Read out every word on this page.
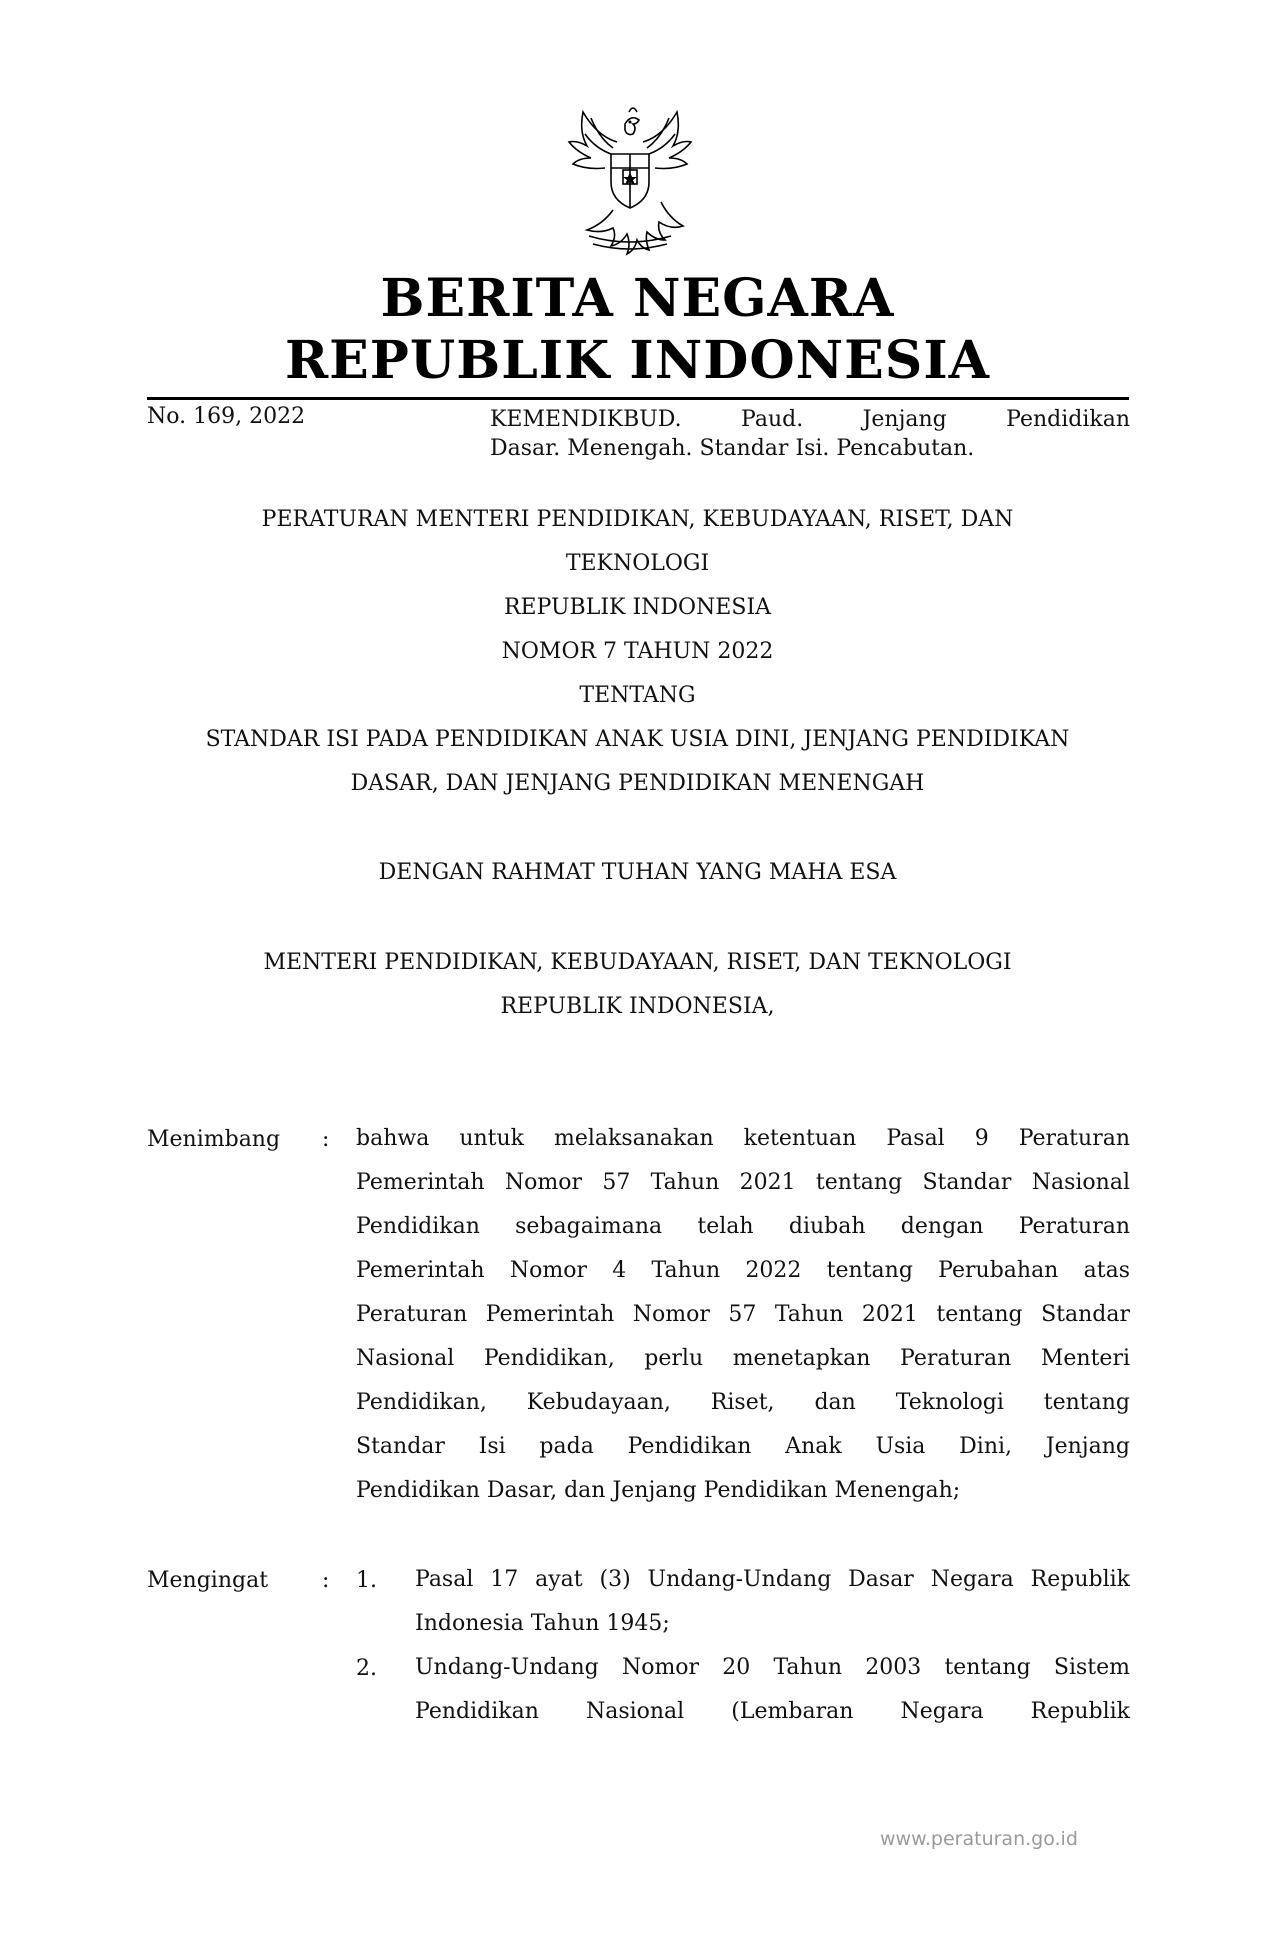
BERITA NEGARA
REPUBLIK INDONESIA
No. 169, 2022	KEMENDIKBUD. Paud. Jenjang Pendidikan
Dasar. Menengah. Standar Isi. Pencabutan.
PERATURAN MENTERI PENDIDIKAN, KEBUDAYAAN, RISET, DAN
TEKNOLOGI
REPUBLIK INDONESIA
NOMOR 7 TAHUN 2022
TENTANG
STANDAR ISI PADA PENDIDIKAN ANAK USIA DINI, JENJANG PENDIDIKAN
DASAR, DAN JENJANG PENDIDIKAN MENENGAH
DENGAN RAHMAT TUHAN YANG MAHA ESA
MENTERI PENDIDIKAN, KEBUDAYAAN, RISET, DAN TEKNOLOGI
REPUBLIK INDONESIA,
Menimbang : bahwa untuk melaksanakan ketentuan Pasal 9 Peraturan
Pemerintah Nomor 57 Tahun 2021 tentang Standar Nasional
Pendidikan sebagaimana telah diubah dengan Peraturan
Pemerintah Nomor 4 Tahun 2022 tentang Perubahan atas
Peraturan Pemerintah Nomor 57 Tahun 2021 tentang Standar
Nasional Pendidikan, perlu menetapkan Peraturan Menteri
Pendidikan, Kebudayaan, Riset, dan Teknologi tentang
Standar Isi pada Pendidikan Anak Usia Dini, Jenjang
Pendidikan Dasar, dan Jenjang Pendidikan Menengah;
Mengingat : 1. Pasal 17 ayat (3) Undang-Undang Dasar Negara Republik
Indonesia Tahun 1945;
2. Undang-Undang Nomor 20 Tahun 2003 tentang Sistem
Pendidikan Nasional (Lembaran Negara Republik
www.peraturan.go.id
